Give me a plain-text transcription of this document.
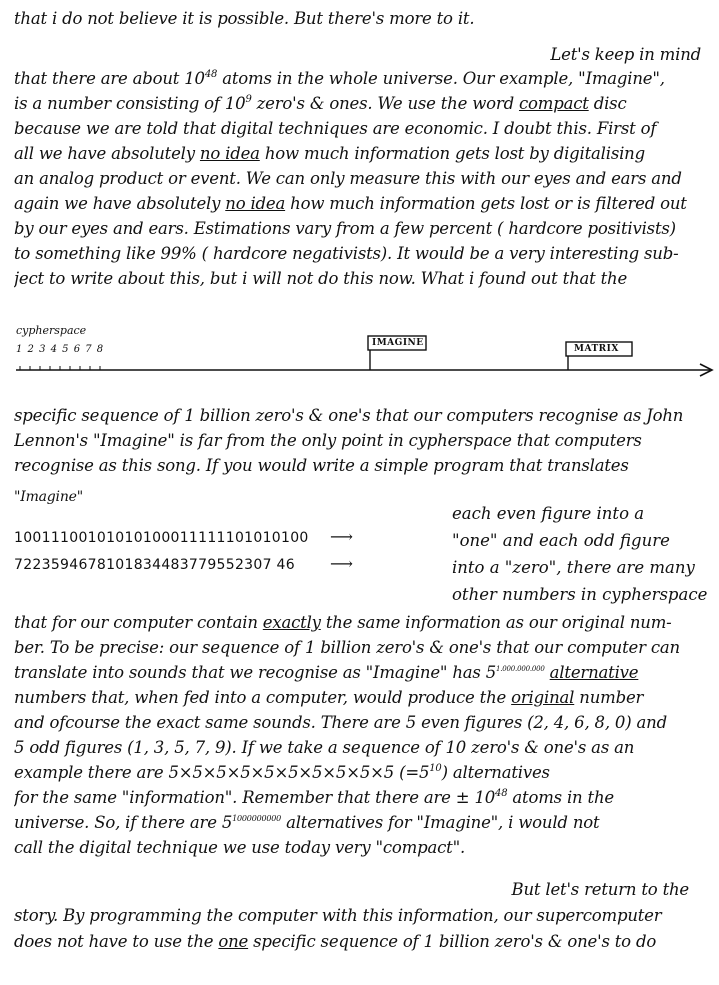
that i do not believe it is possible. But there's more to it.
Let's keep in mind
that there are about $10^{48}$ atoms in the whole universe. Our example, "Imagine",
is a number consisting of $10^9$ zero's & ones. We use the word compact disc
because we are told that digital techniques are economic. I doubt this. First of
all we have absolutely no idea how much information gets lost by digitalising
an analog product or event. We can only measure this with our eyes and ears and
again we have absolutely no idea how much information gets lost or is filtered out
by our eyes and ears. Estimations vary from a few percent ( hardcore positivists)
to something like 99% ( hardcore negativists). It would be a very interesting sub-
ject to write about this, but i will not do this now. What i found out that the
cypherspace
1 2 3 4 5 6 7 8
IMAGINE
MATRIX
specific sequence of 1 billion zero's & one's that our computers recognise as John
Lennon's "Imagine" is far from the only point in cypherspace that computers
recognise as this song. If you would write a simple program that translates
"Imagine"
10011100101010100011111101010100 ⟶
7223594678101834483779552307 46 ⟶
each even figure into a
"one" and each odd figure
into a "zero", there are many
other numbers in cypherspace
that for our computer contain exactly the same information as our original num-
ber. To be precise: our sequence of 1 billion zero's & one's that our computer can
translate into sounds that we recognise as "Imagine" has $5^{1.000.000.000}$ alternative
numbers that, when fed into a computer, would produce the original number
and ofcourse the exact same sounds. There are 5 even figures (2, 4, 6, 8, 0) and
5 odd figures (1, 3, 5, 7, 9). If we take a sequence of 10 zero's & one's as an
example there are 5×5×5×5×5×5×5×5×5×5 $(=5^{10})$ alternatives
for the same "information". Remember that there are ± $10^{48}$ atoms in the
universe. So, if there are $5^{1000000000}$ alternatives for "Imagine", i would not
call the digital technique we use today very "compact".
But let's return to the
story. By programming the computer with this information, our supercomputer
does not have to use the one specific sequence of 1 billion zero's & one's to do
